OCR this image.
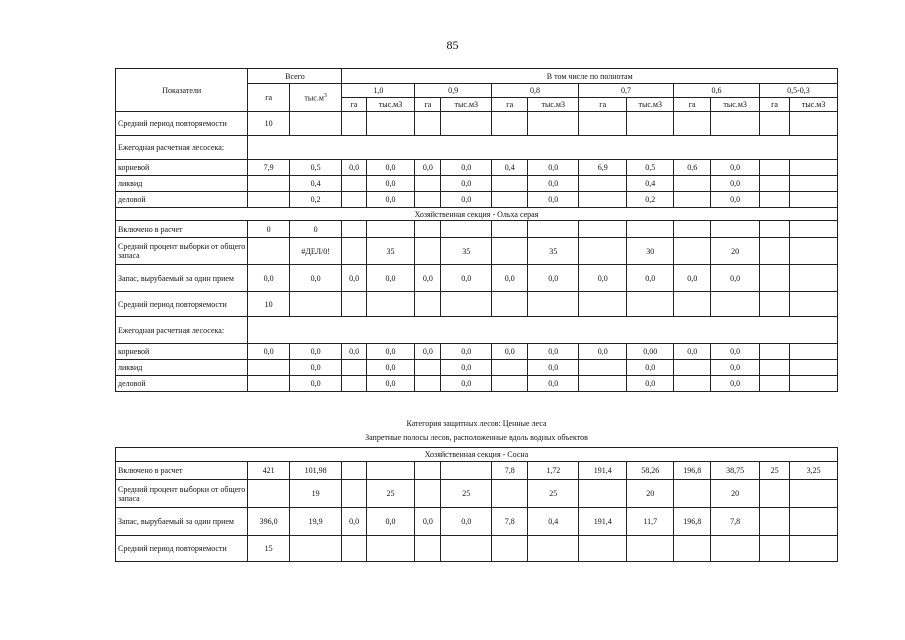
85
Показатели	Всего		В том числе по полнотам											
	га	$тыс.м^3$	1,0		0,9		0,8		0,7		0,6		0,5-0,3	
			га	тыс.м3	га	тыс.м3	га	тыс.м3	га	тыс.м3	га	тыс.м3	га	тыс.м3
Средний период повторяемости	10													
Ежегодная расчетная лесосека:														
корневой	7,9	0,5	0,0	0,0	0,0	0,0	0,4	0,0	6,9	0,5	0,6	0,0		
ликвид		0,4		0,0		0,0		0,0		0,4		0,0		
деловой		0,2		0,0		0,0		0,0		0,2		0,0		
Хозяйственная секция - Ольха серая														
Включено в расчет	0	0												
Средний процент выборки от общего запаса		#ДЕЛ/0!		35		35		35		30		20		
Запас, вырубаемый за один прием	0,0	0,0	0,0	0,0	0,0	0,0	0,0	0,0	0,0	0,0	0,0	0,0		
Средний период повторяемости	10													
Ежегодная расчетная лесосека:														
корневой	0,0	0,0	0,0	0,0	0,0	0,0	0,0	0,0	0,0	0,00	0,0	0,0		
ликвид		0,0		0,0		0,0		0,0		0,0		0,0		
деловой		0,0		0,0		0,0		0,0		0,0		0,0		
Категория защитных лесов: Ценные леса
Запретные полосы лесов, расположенные вдоль водных объектов
Хозяйственная секция - Сосна														
Включено в расчет	421	101,98					7,8	1,72	191,4	58,26	196,8	38,75	25	3,25
Средний процент выборки от общего запаса		19		25		25		25		20		20		
Запас, вырубаемый за один прием	396,0	19,9	0,0	0,0	0,0	0,0	7,8	0,4	191,4	11,7	196,8	7,8		
Средний период повторяемости	15													
